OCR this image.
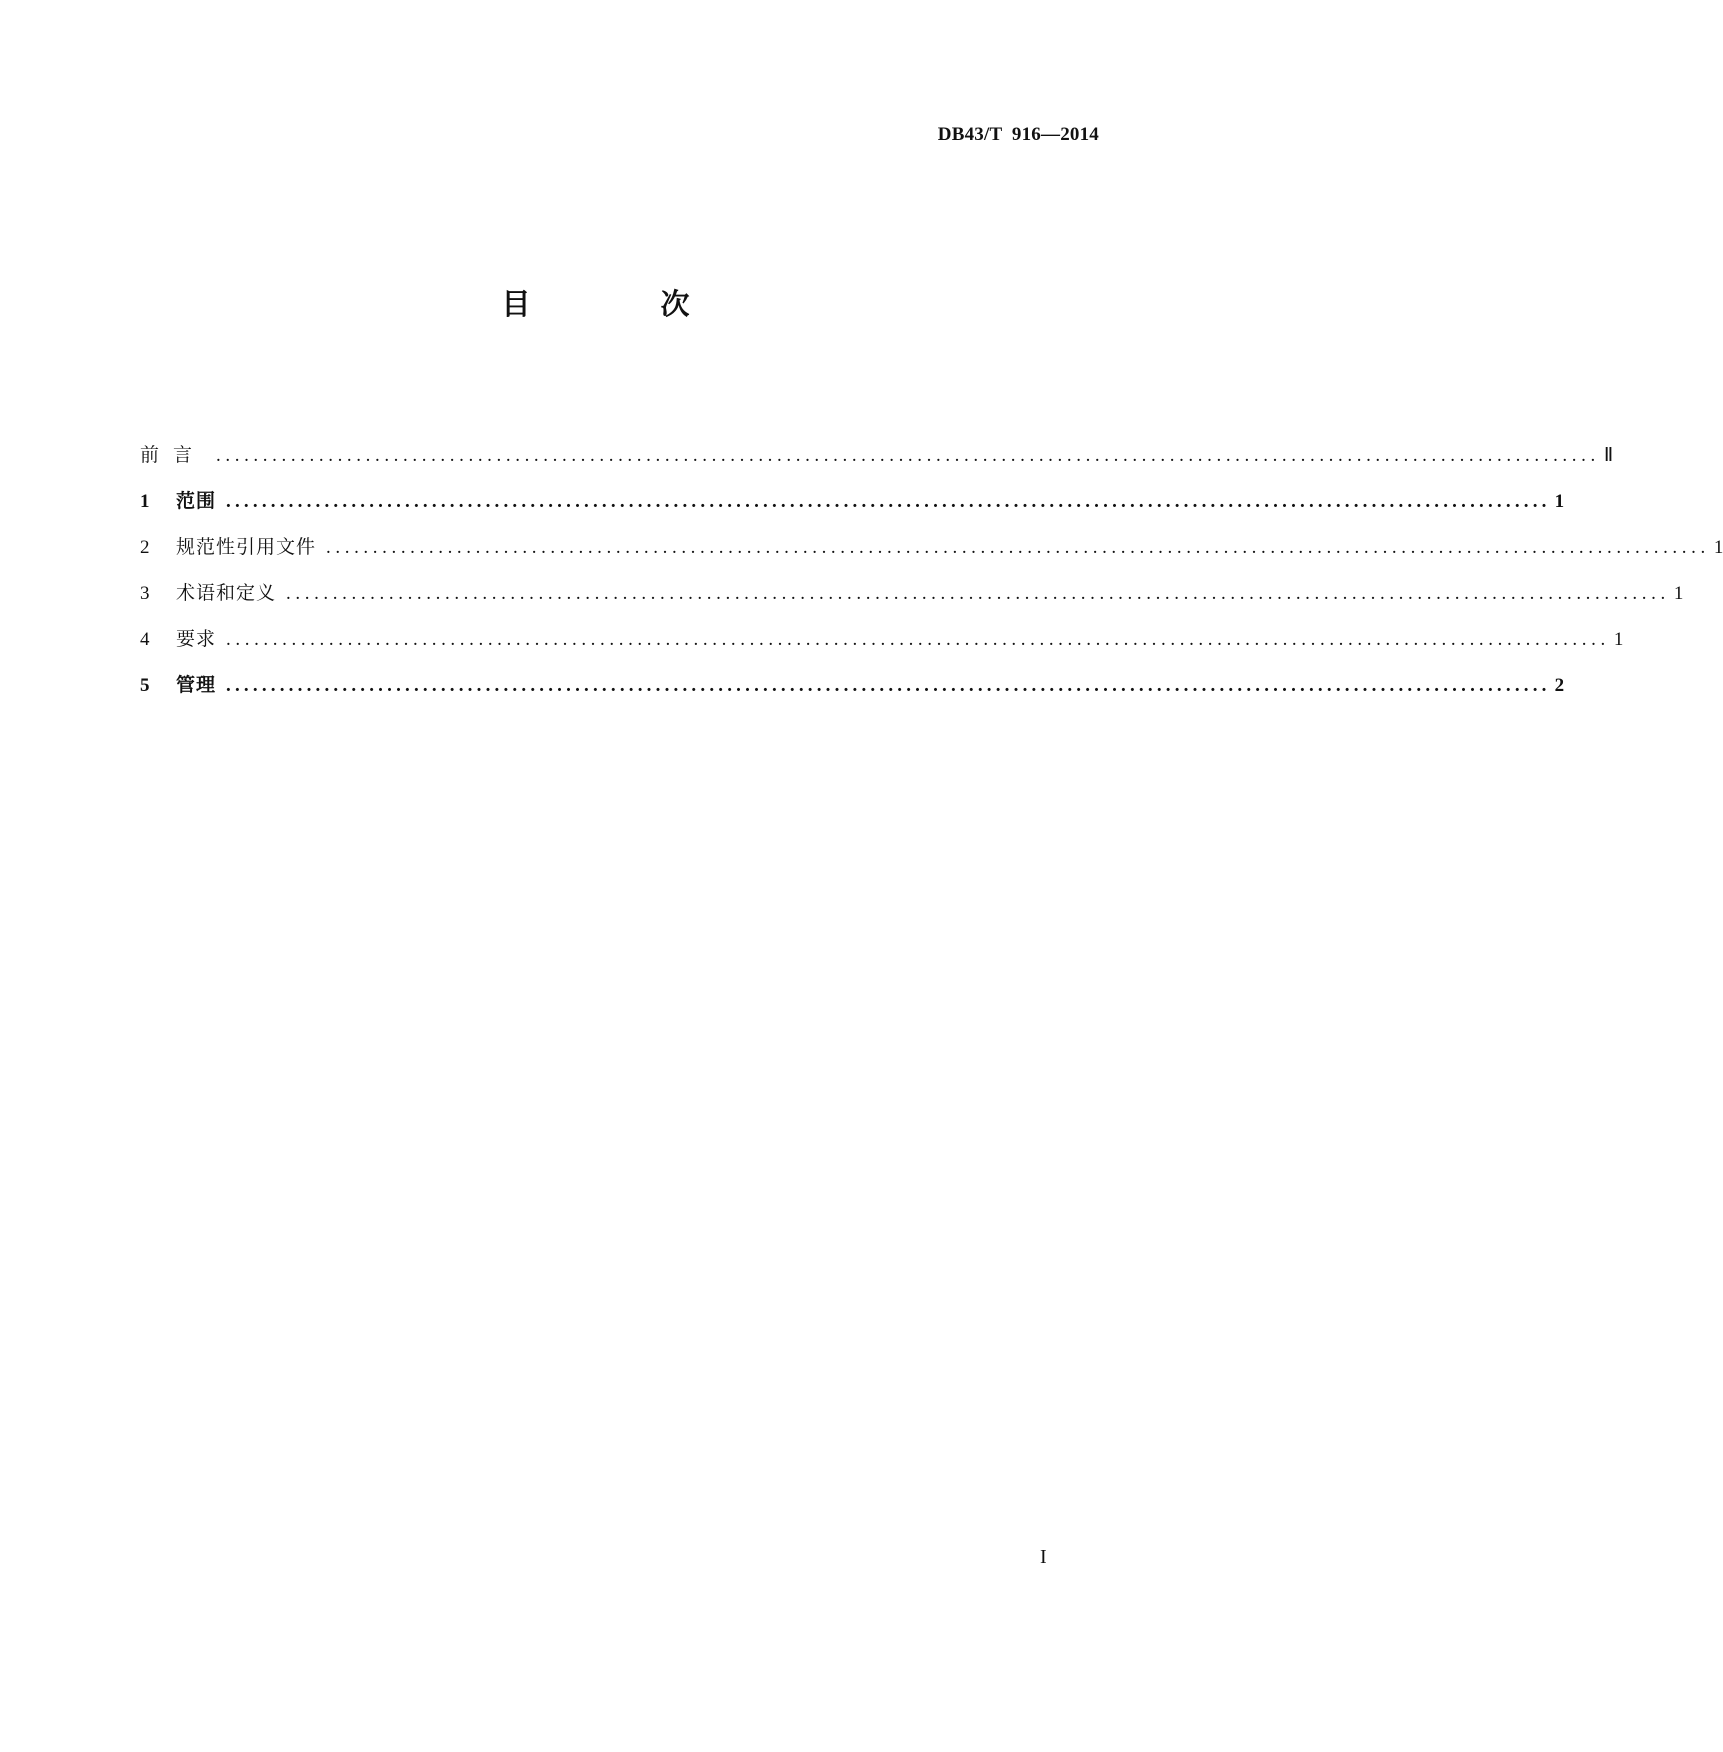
DB43/T  916—2014
目 次
前言 .................................................................................................................................................... Ⅱ
1	范围 .................................................................................................................................................... 1
2	规范性引用文件 .................................................................................................................................................... 1
3	术语和定义 .................................................................................................................................................... 1
4	要求 .................................................................................................................................................... 1
5	管理 .................................................................................................................................................... 2
I
